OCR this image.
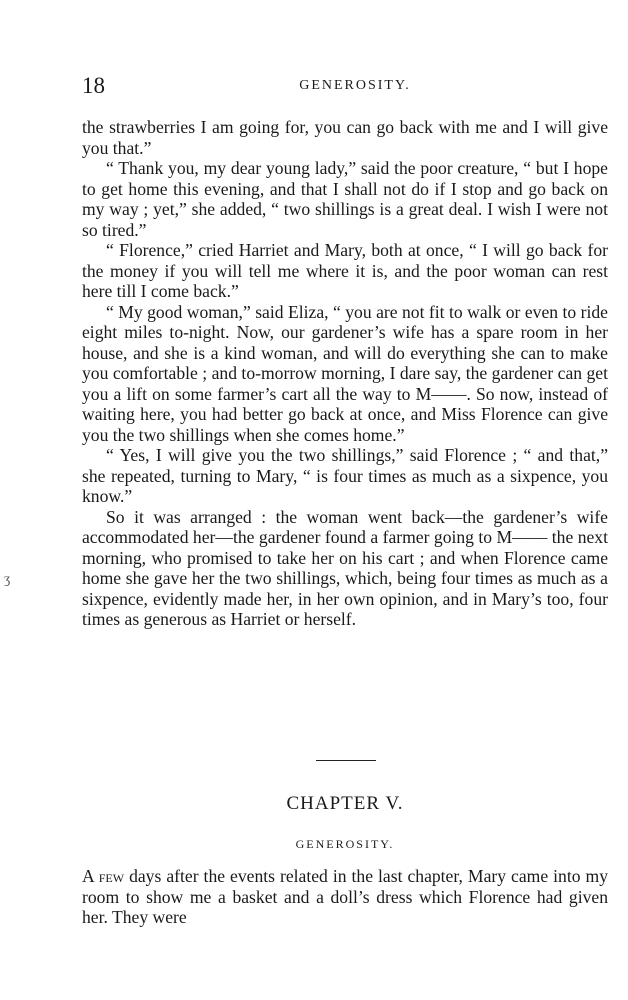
18	GENEROSITY.
ʒ

the strawberries I am going for, you can go back with me and I will give you that.”

“ Thank you, my dear young lady,” said the poor creature, “ but I hope to get home this evening, and that I shall not do if I stop and go back on my way ; yet,” she added, “ two shillings is a great deal. I wish I were not so tired.”

“ Florence,” cried Harriet and Mary, both at once, “ I will go back for the money if you will tell me where it is, and the poor woman can rest here till I come back.”

“ My good woman,” said Eliza, “ you are not fit to walk or even to ride eight miles to-night. Now, our gardener’s wife has a spare room in her house, and she is a kind woman, and will do everything she can to make you comfortable ; and to-morrow morning, I dare say, the gardener can get you a lift on some farmer’s cart all the way to M——. So now, instead of waiting here, you had better go back at once, and Miss Florence can give you the two shillings when she comes home.”

“ Yes, I will give you the two shillings,” said Florence ; “ and that,” she repeated, turning to Mary, “ is four times as much as a sixpence, you know.”

So it was arranged : the woman went back—the gardener’s wife accommodated her—the gardener found a farmer going to M—— the next morning, who promised to take her on his cart ; and when Florence came home she gave her the two shillings, which, being four times as much as a sixpence, evidently made her, in her own opinion, and in Mary’s too, four times as generous as Harriet or herself.

CHAPTER V.
GENEROSITY.

A few days after the events related in the last chapter, Mary came into my room to show me a basket and a doll’s dress which Florence had given her. They were
